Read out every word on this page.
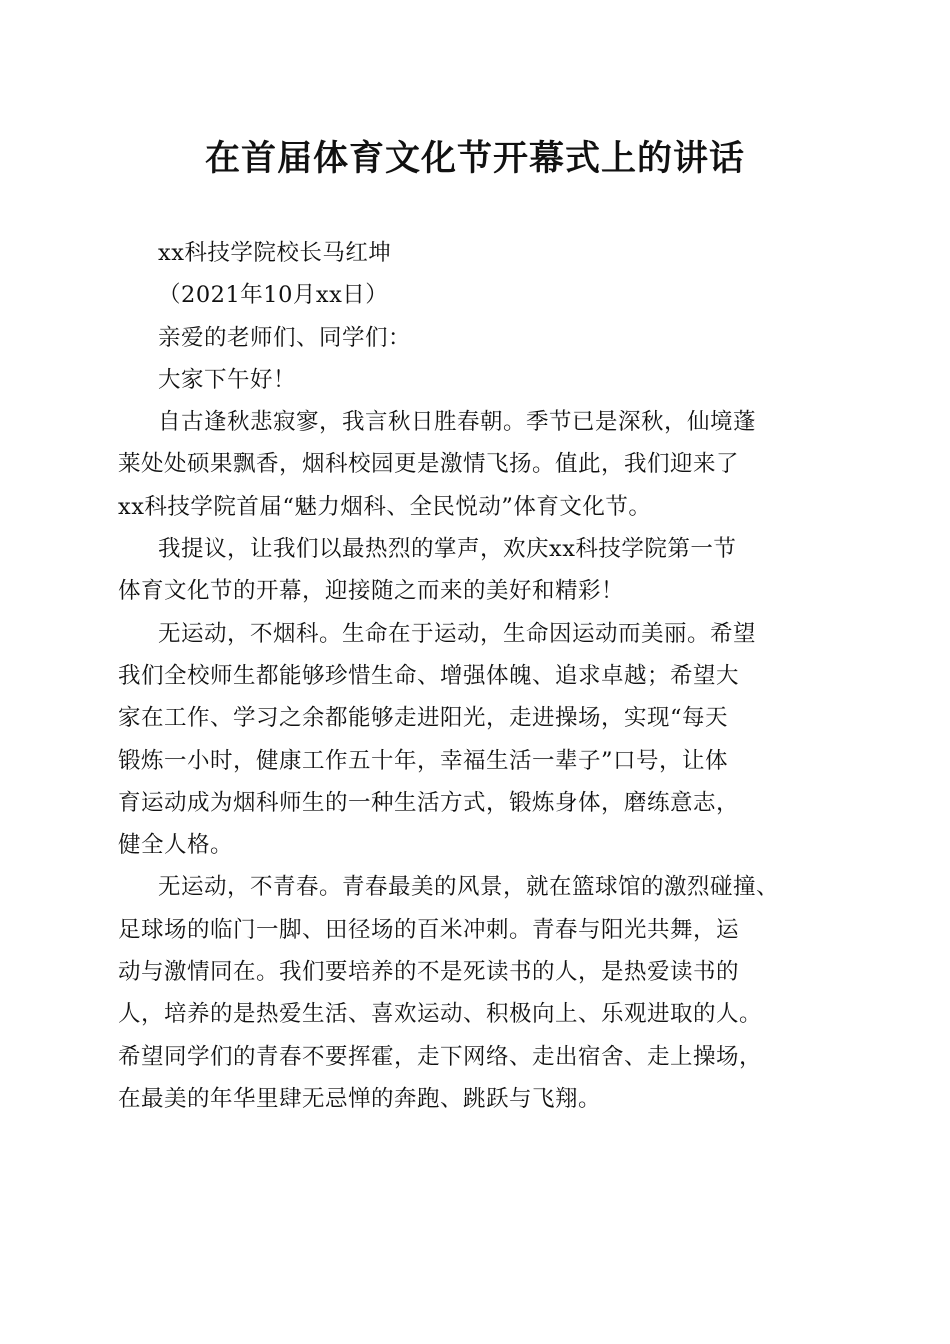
在首届体育文化节开幕式上的讲话
xx科技学院校长马红坤
（2021年10月xx日）
亲爱的老师们、同学们：
大家下午好！
自古逢秋悲寂寥，我言秋日胜春朝。季节已是深秋，仙境蓬
莱处处硕果飘香，烟科校园更是激情飞扬。值此，我们迎来了
xx科技学院首届“魅力烟科、全民悦动”体育文化节。
我提议，让我们以最热烈的掌声，欢庆xx科技学院第一节
体育文化节的开幕，迎接随之而来的美好和精彩！
无运动，不烟科。生命在于运动，生命因运动而美丽。希望
我们全校师生都能够珍惜生命、增强体魄、追求卓越；希望大
家在工作、学习之余都能够走进阳光，走进操场，实现“每天
锻炼一小时，健康工作五十年，幸福生活一辈子”口号，让体
育运动成为烟科师生的一种生活方式，锻炼身体，磨练意志，
健全人格。
无运动，不青春。青春最美的风景，就在篮球馆的激烈碰撞、
足球场的临门一脚、田径场的百米冲刺。青春与阳光共舞，运
动与激情同在。我们要培养的不是死读书的人，是热爱读书的
人，培养的是热爱生活、喜欢运动、积极向上、乐观进取的人。
希望同学们的青春不要挥霍，走下网络、走出宿舍、走上操场，
在最美的年华里肆无忌惮的奔跑、跳跃与飞翔。
